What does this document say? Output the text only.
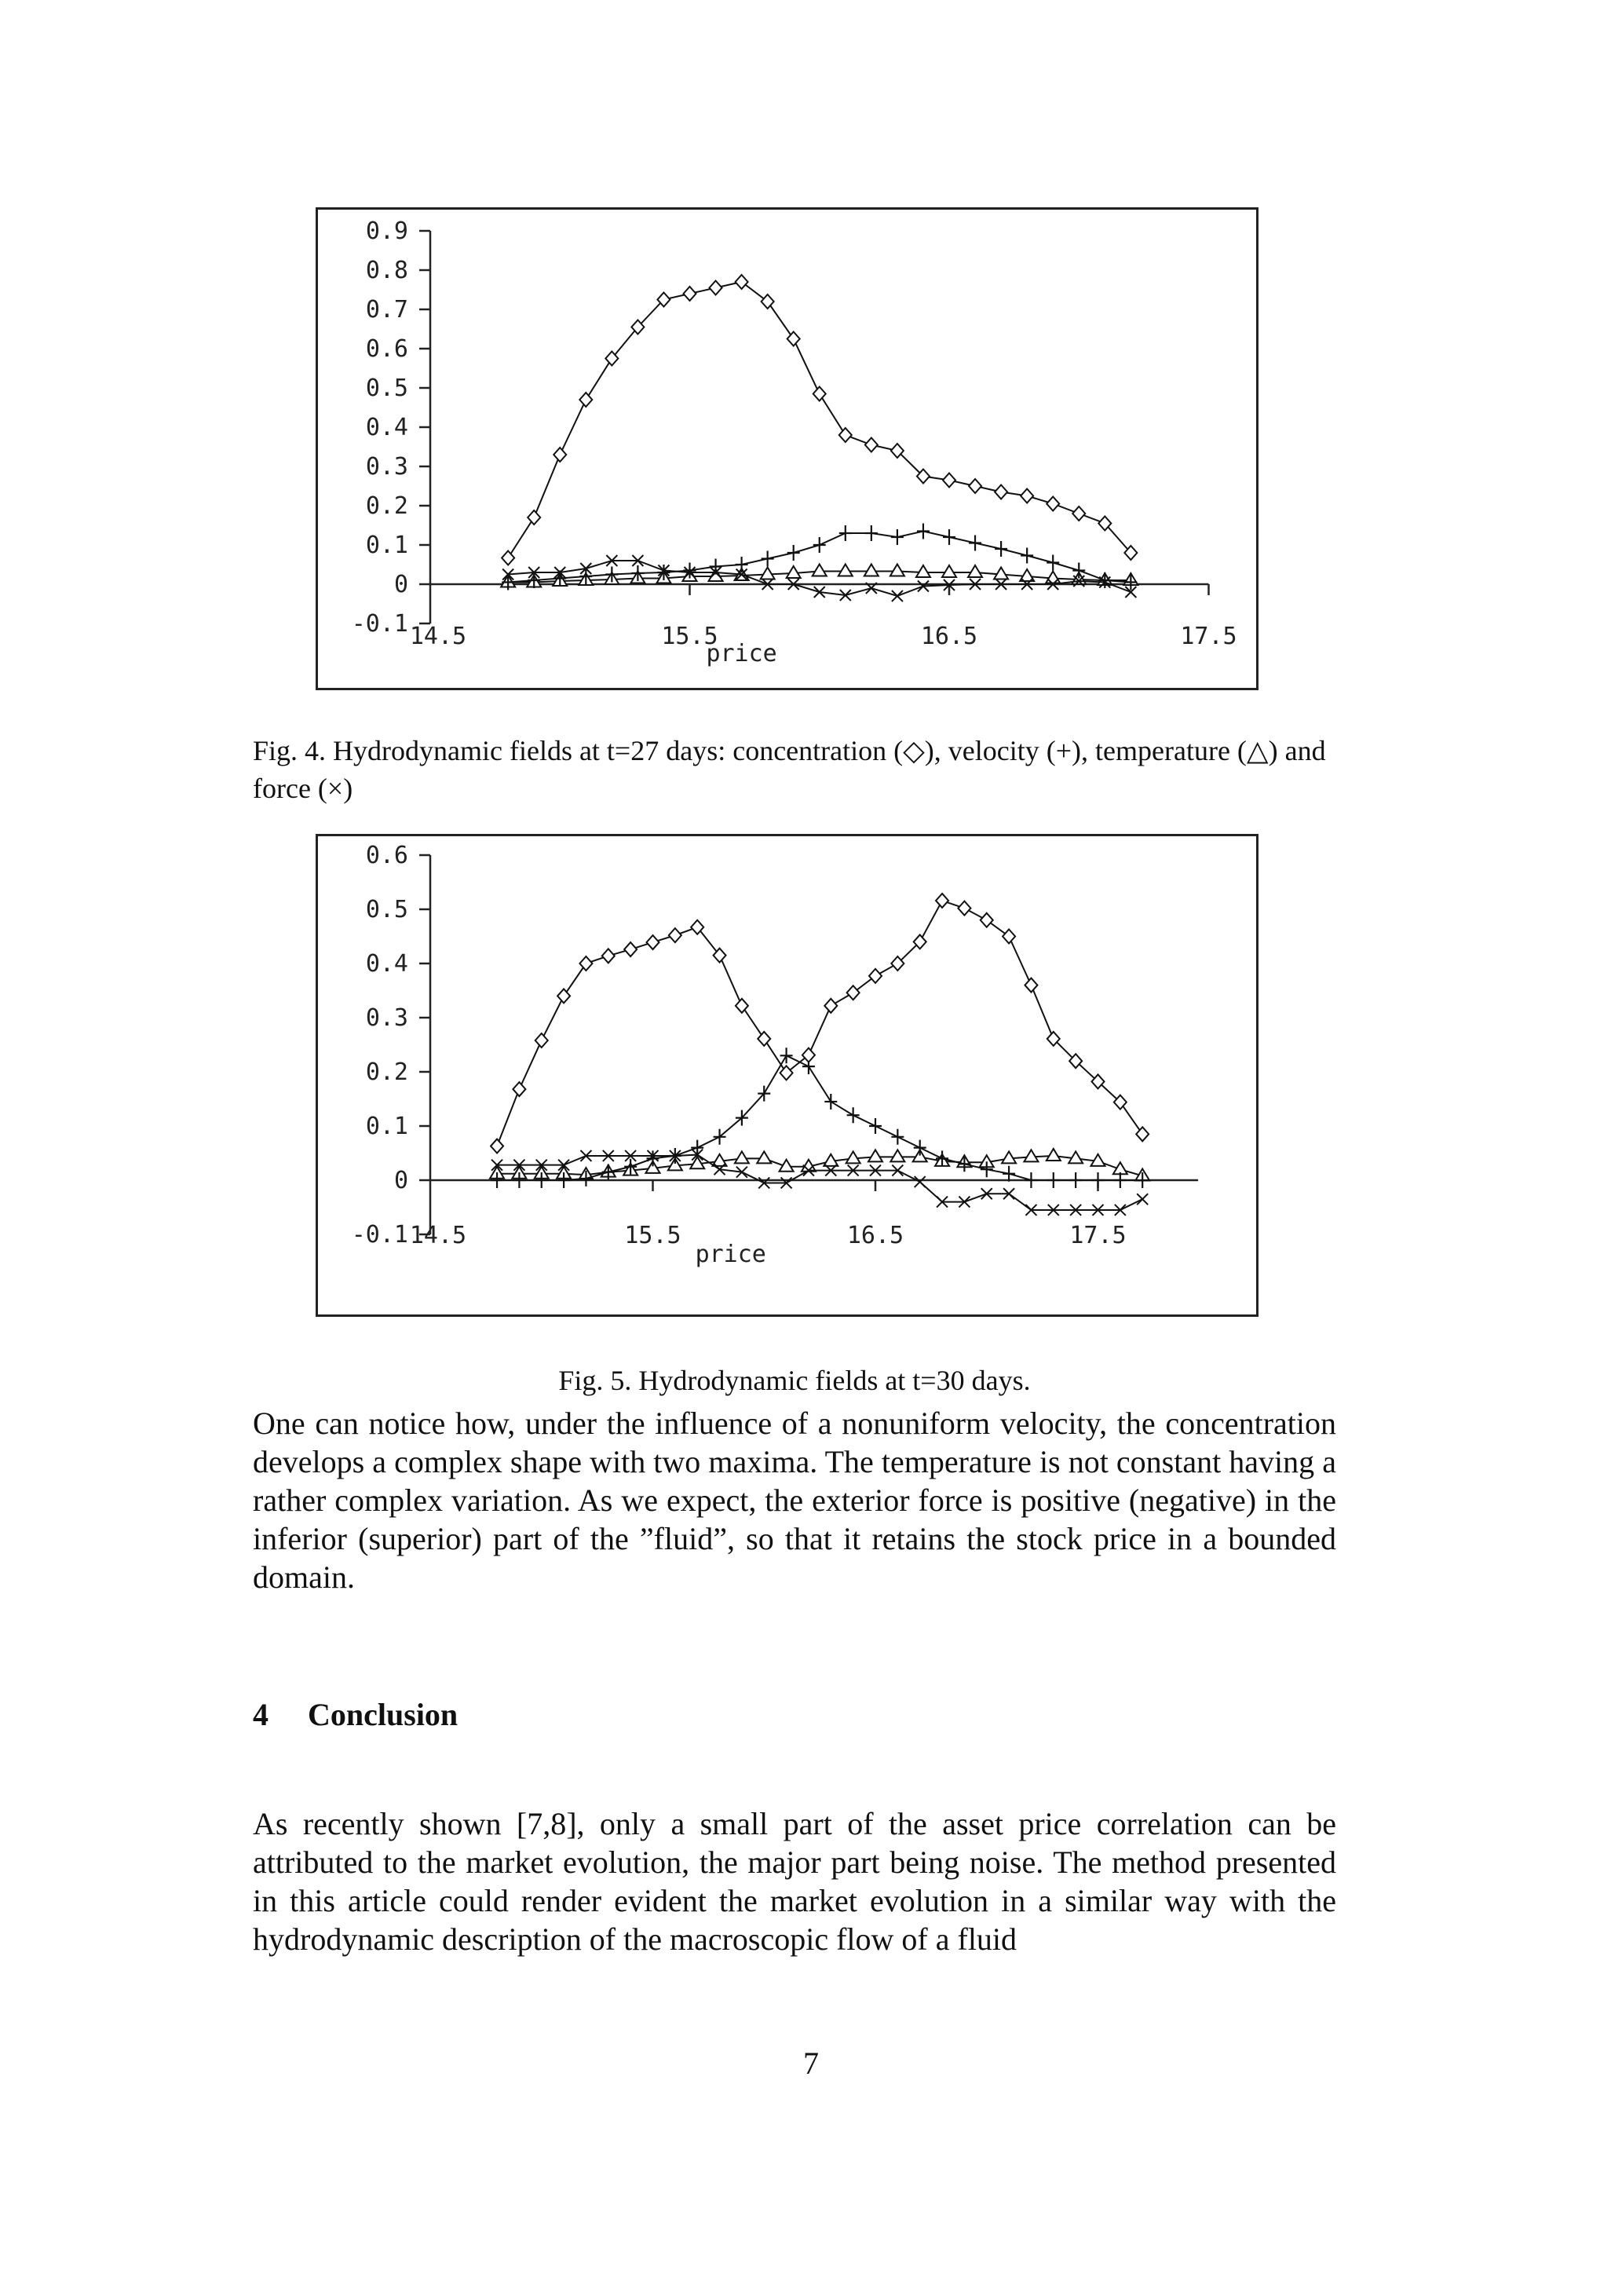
0.9
0.8
0.7
0.6
0.5
0.4
0.3
0.2
0.1
0
-0.1 14.5	15.5	16.5	17.5
price
Fig. 4. Hydrodynamic fields at t=27 days: concentration (◇), velocity (+), temperature (△) and force (×)
0.6
0.5
0.4
0.3
0.2
0.1
0
-0.1 14.5	15.5	16.5	17.5
price
Fig. 5. Hydrodynamic fields at t=30 days.

One can notice how, under the influence of a nonuniform velocity, the concentration develops a complex shape with two maxima. The temperature is not constant having a rather complex variation. As we expect, the exterior force is positive (negative) in the inferior (superior) part of the ”fluid”, so that it retains the stock price in a bounded domain.

4 Conclusion

As recently shown [7,8], only a small part of the asset price correlation can be attributed to the market evolution, the major part being noise. The method presented in this article could render evident the market evolution in a similar way with the hydrodynamic description of the macroscopic flow of a fluid

7
